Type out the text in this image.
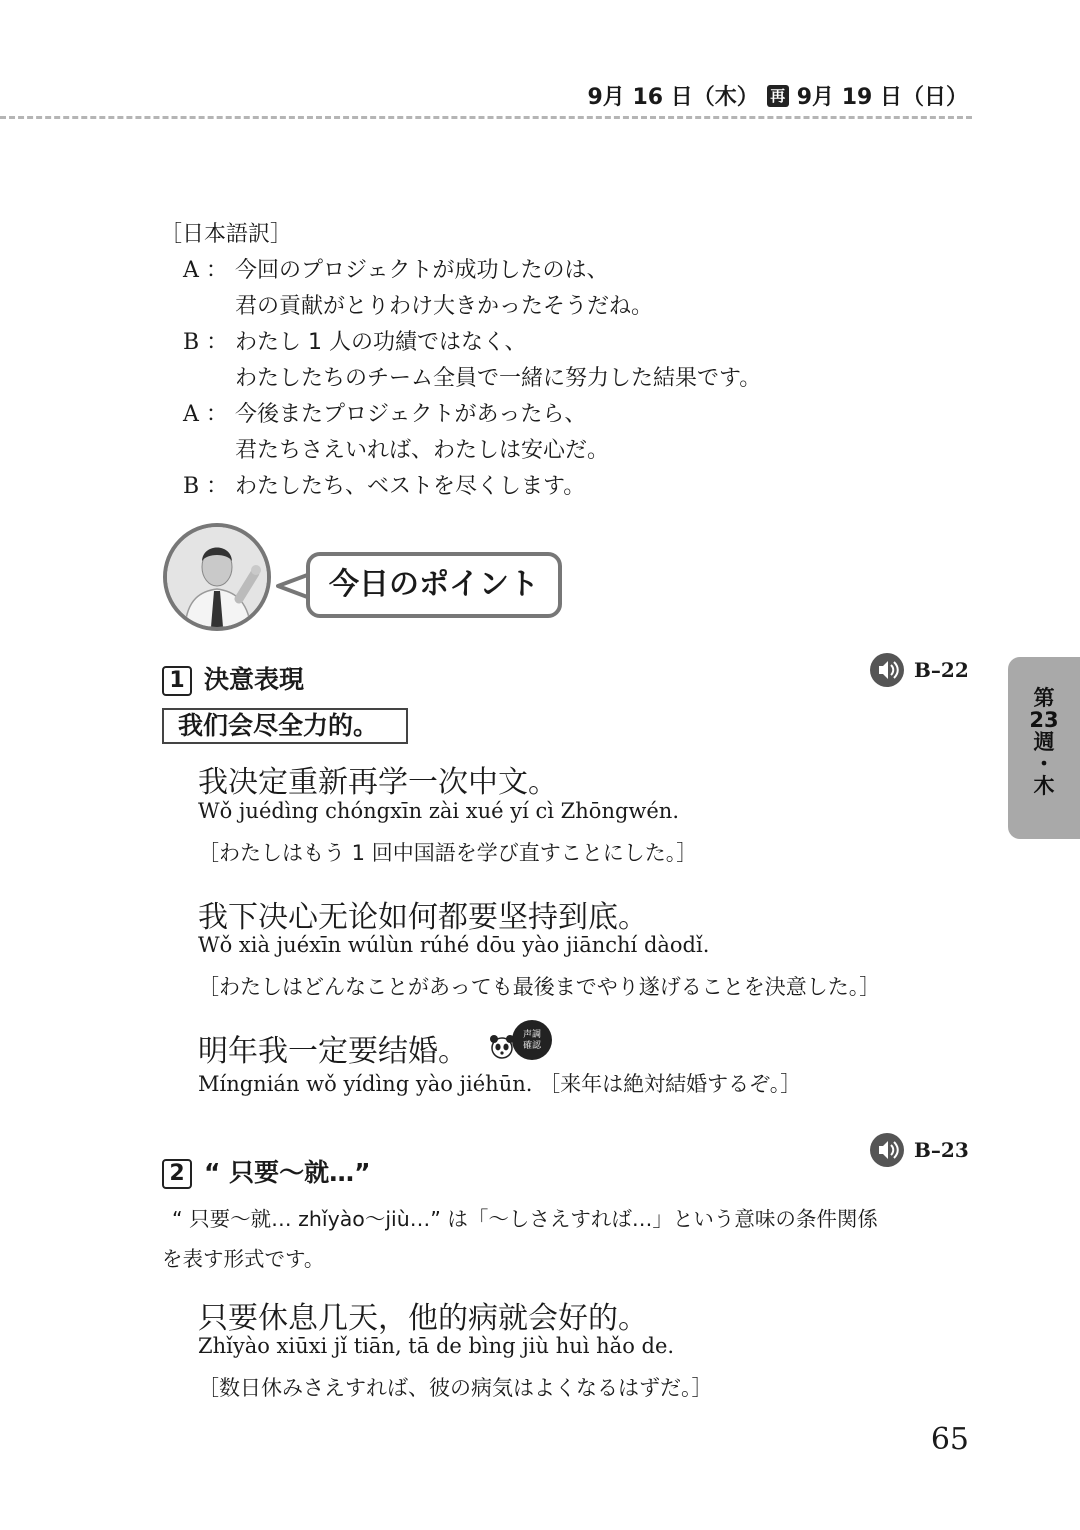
9月 16 日（木） 再 9月 19 日（日）
［日本語訳］
A ： 今回のプロジェクトが成功したのは、
君の貢献がとりわけ大きかったそうだね。
B ： わたし 1 人の功績ではなく、
わたしたちのチーム全員で一緒に努力した結果です。
A ： 今後またプロジェクトがあったら、
君たちさえいれば、わたしは安心だ。
B ： わたしたち、ベストを尽くします。
今日のポイント
1 決意表現	B–22
我们会尽全力的。
我决定重新再学一次中文。
Wǒ juédìng chóngxīn zài xué yí cì Zhōngwén.
［わたしはもう 1 回中国語を学び直すことにした。］
我下决心无论如何都要坚持到底。
Wǒ xià juéxīn wúlùn rúhé dōu yào jiānchí dàodǐ.
［わたしはどんなことがあっても最後までやり遂げることを決意した。］
明年我一定要结婚。	声調
確認
Míngnián wǒ yídìng yào jiéhūn. ［来年は絶対結婚するぞ。］
2 “ 只要～就…”
B–23
“ 只要～就… zhǐyào～jiù…” は「～しさえすれば…」という意味の条件関係
を表す形式です。
只要休息几天，他的病就会好的。
Zhǐyào xiūxi jǐ tiān, tā de bìng jiù huì hǎo de.
［数日休みさえすれば、彼の病気はよくなるはずだ。］
第
23
週
・
木
65
